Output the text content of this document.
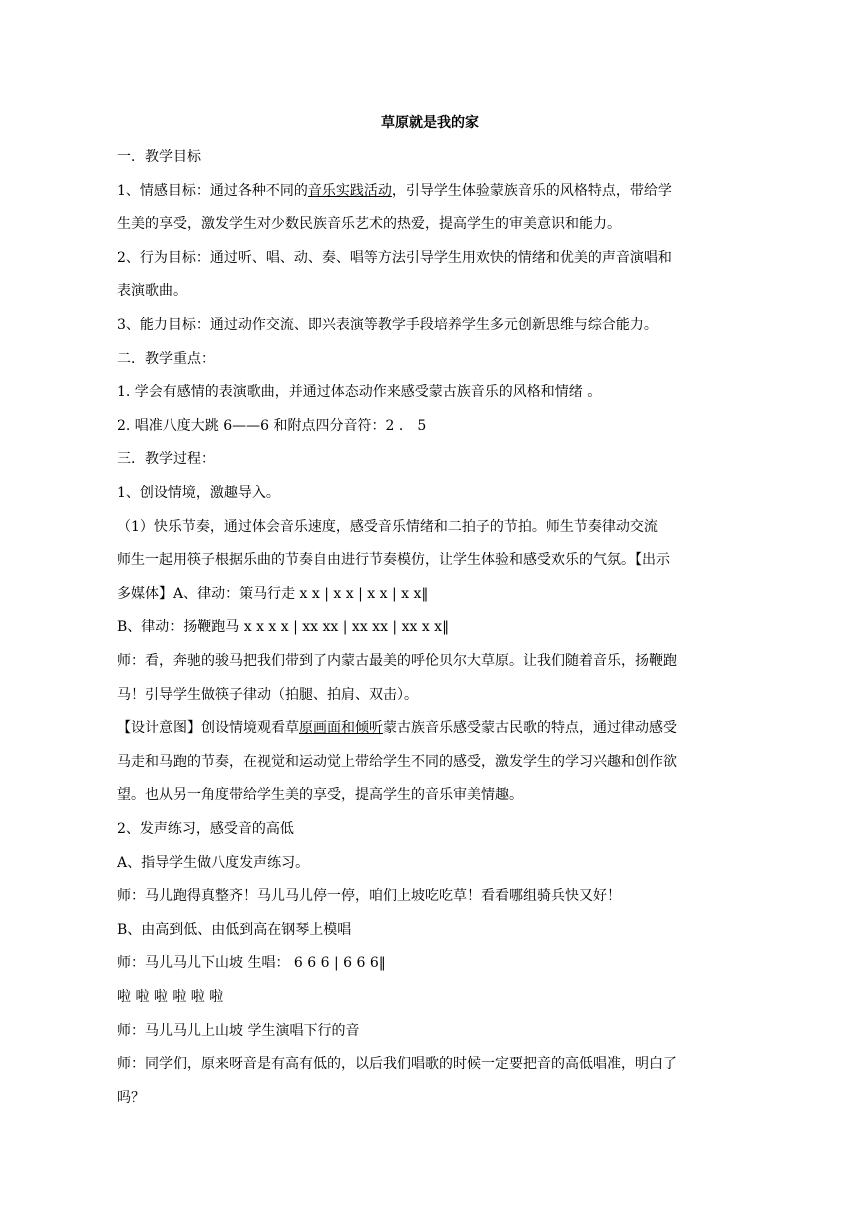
草原就是我的家
一．教学目标
1、情感目标：通过各种不同的音乐实践活动，引导学生体验蒙族音乐的风格特点，带给学
生美的享受，激发学生对少数民族音乐艺术的热爱，提高学生的审美意识和能力。
2、行为目标：通过听、唱、动、奏、唱等方法引导学生用欢快的情绪和优美的声音演唱和
表演歌曲。
3、能力目标：通过动作交流、即兴表演等教学手段培养学生多元创新思维与综合能力。
二．教学重点：
1. 学会有感情的表演歌曲，并通过体态动作来感受蒙古族音乐的风格和情绪 。
2. 唱准八度大跳 6——6 和附点四分音符：2 ． 5
三．教学过程：
1、创设情境，激趣导入。
（1）快乐节奏，通过体会音乐速度，感受音乐情绪和二拍子的节拍。师生节奏律动交流
师生一起用筷子根据乐曲的节奏自由进行节奏模仿，让学生体验和感受欢乐的气氛。【出示
多媒体】A、律动：策马行走 x x | x x | x x | x x‖
B、律动：扬鞭跑马 x x x x | xx xx | xx xx | xx x x‖
师：看，奔驰的骏马把我们带到了内蒙古最美的呼伦贝尔大草原。让我们随着音乐，扬鞭跑
马！引导学生做筷子律动（拍腿、拍肩、双击）。
【设计意图】创设情境观看草原画面和倾听蒙古族音乐感受蒙古民歌的特点，通过律动感受
马走和马跑的节奏，在视觉和运动觉上带给学生不同的感受，激发学生的学习兴趣和创作欲
望。也从另一角度带给学生美的享受，提高学生的音乐审美情趣。
2、发声练习，感受音的高低
A、指导学生做八度发声练习。
师：马儿跑得真整齐！马儿马儿停一停，咱们上坡吃吃草！看看哪组骑兵快又好！
B、由高到低、由低到高在钢琴上模唱
师：马儿马儿下山坡 生唱： 6 6 6 | 6 6 6‖
啦 啦 啦 啦 啦 啦
师：马儿马儿上山坡 学生演唱下行的音
师：同学们，原来呀音是有高有低的，以后我们唱歌的时候一定要把音的高低唱准，明白了
吗？
